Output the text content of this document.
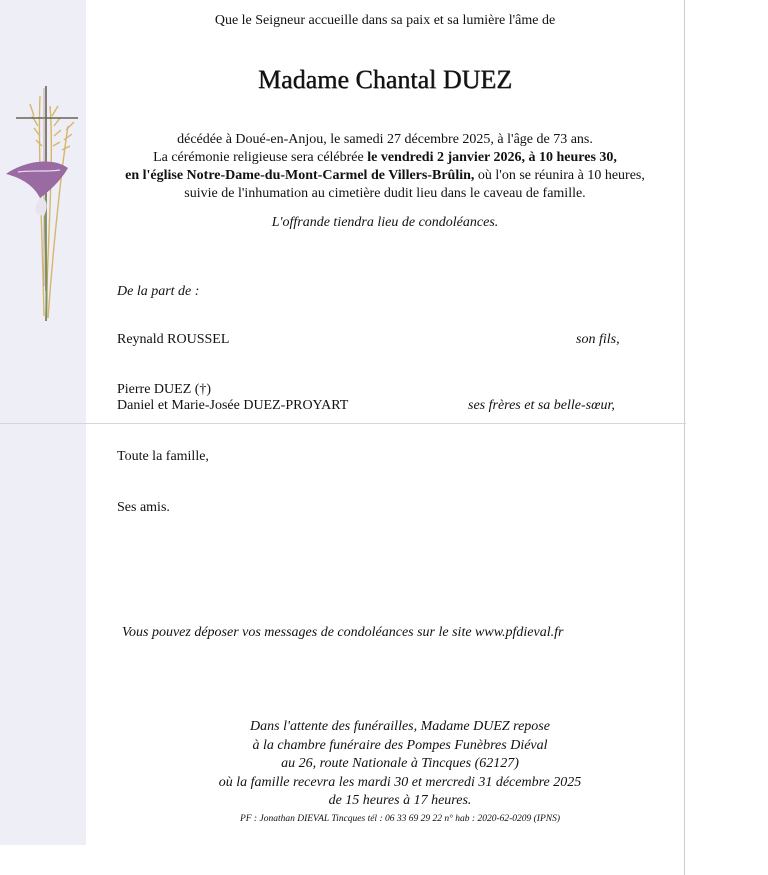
Que le Seigneur accueille dans sa paix et sa lumière l'âme de
Madame Chantal DUEZ
décédée à Doué-en-Anjou, le samedi 27 décembre 2025, à l'âge de 73 ans.
La cérémonie religieuse sera célébrée le vendredi 2 janvier 2026, à 10 heures 30,
en l'église Notre-Dame-du-Mont-Carmel de Villers-Brûlin, où l'on se réunira à 10 heures,
suivie de l'inhumation au cimetière dudit lieu dans le caveau de famille.
L'offrande tiendra lieu de condoléances.
De la part de :
Reynald ROUSSEL	son fils,
Pierre DUEZ (†)
Daniel et Marie-Josée DUEZ-PROYART	ses frères et sa belle-sœur,
Toute la famille,
Ses amis.
Vous pouvez déposer vos messages de condoléances sur le site www.pfdieval.fr
Dans l'attente des funérailles, Madame DUEZ repose
à la chambre funéraire des Pompes Funèbres Diéval
au 26, route Nationale à Tincques (62127)
où la famille recevra les mardi 30 et mercredi 31 décembre 2025
de 15 heures à 17 heures.
PF : Jonathan DIEVAL Tincques tél : 06 33 69 29 22 n° hab : 2020-62-0209 (IPNS)
